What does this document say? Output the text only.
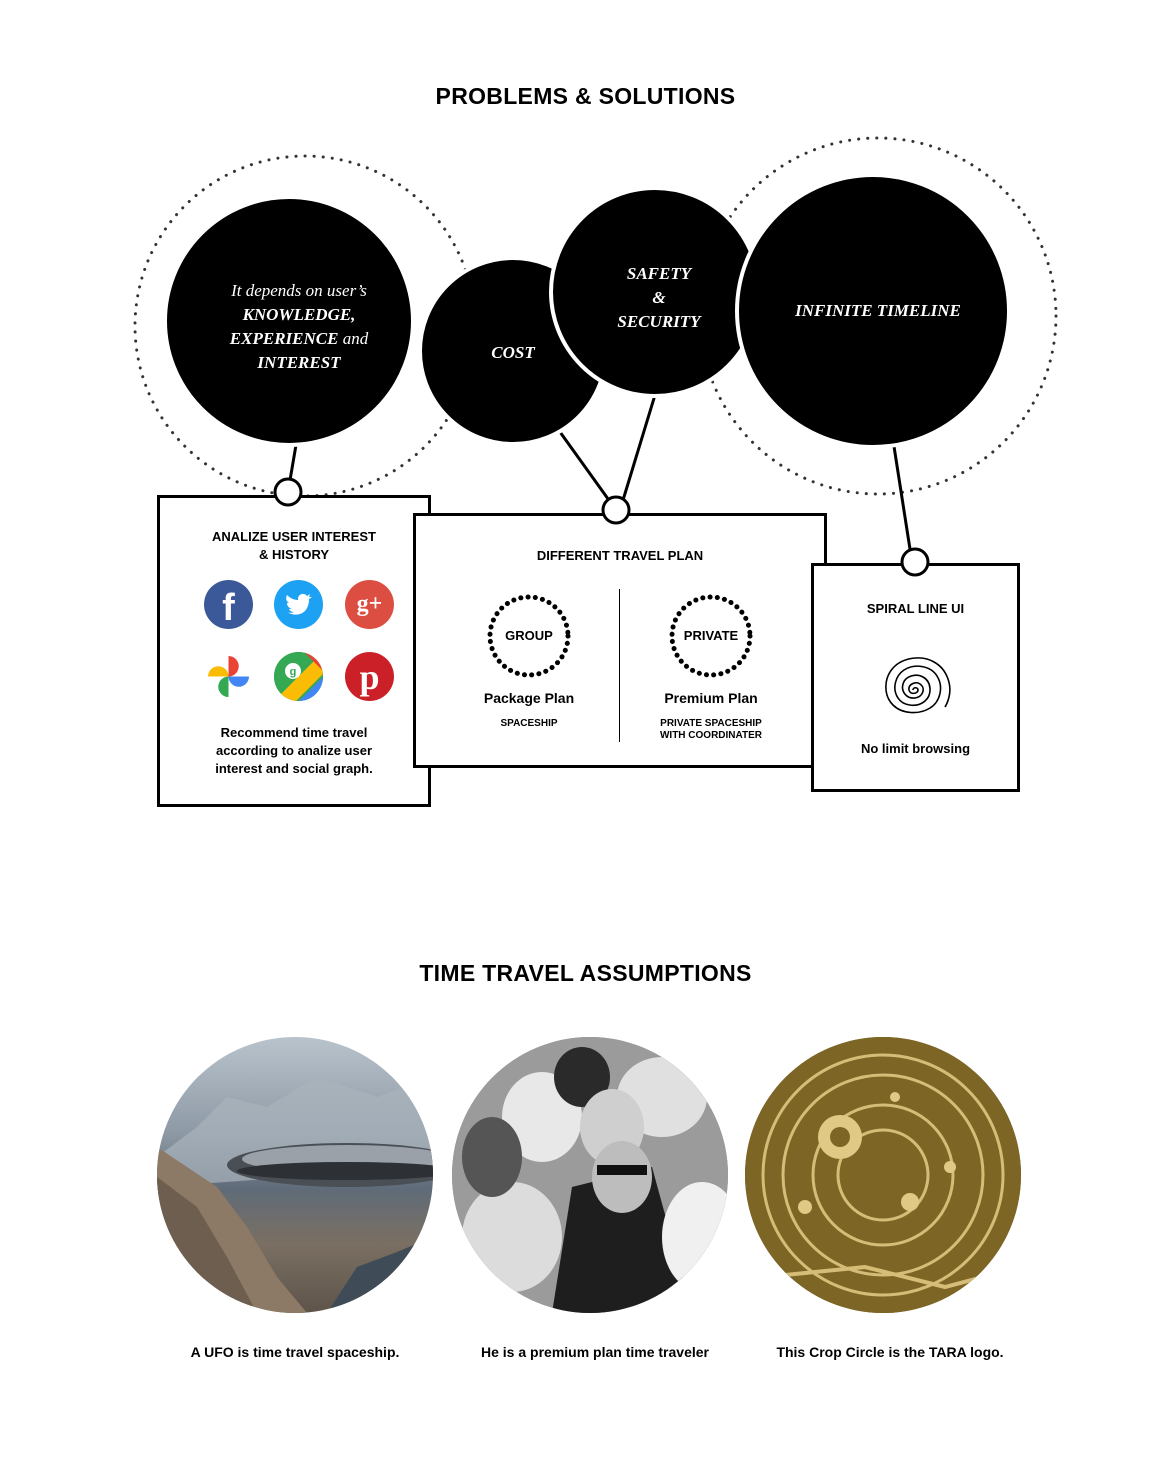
PROBLEMS & SOLUTIONS
It depends on user’s
KNOWLEDGE,
EXPERIENCE and
INTEREST
COST
SAFETY
&
SECURITY
INFINITE TIMELINE
ANALIZE USER INTEREST
& HISTORY
f	g+
g	p
Recommend time travel
according to analize user
interest and social graph.
DIFFERENT TRAVEL PLAN
GROUP
Package Plan
SPACESHIP
PRIVATE
Premium Plan
PRIVATE SPACESHIP
WITH COORDINATER
SPIRAL LINE UI
No limit browsing
TIME TRAVEL ASSUMPTIONS
A UFO is time travel spaceship.	He is a premium plan time traveler	This Crop Circle is the TARA logo.
